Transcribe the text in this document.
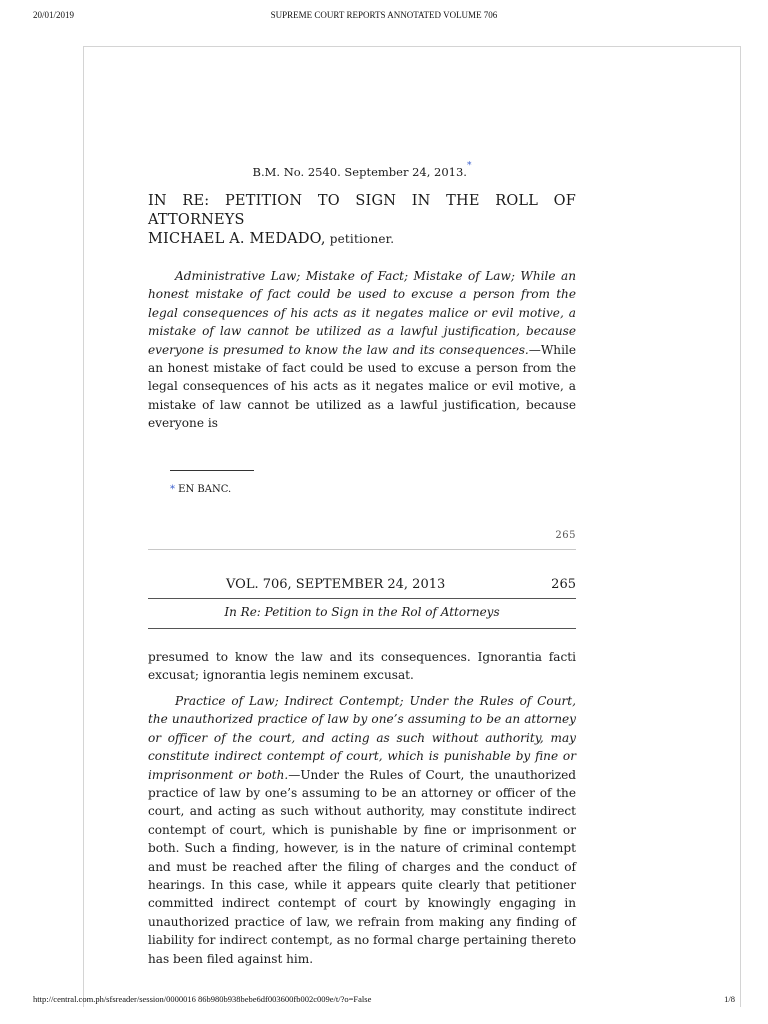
20/01/2019	SUPREME COURT REPORTS ANNOTATED VOLUME 706
B.M. No. 2540. September 24, 2013.*
IN RE: PETITION TO SIGN IN THE ROLL OF
ATTORNEYS
MICHAEL A. MEDADO, petitioner.
Administrative Law; Mistake of Fact; Mistake of Law; While an honest mistake of fact could be used to excuse a person from the legal consequences of his acts as it negates malice or evil motive, a mistake of law cannot be utilized as a lawful justification, because everyone is presumed to know the law and its consequences.—While an honest mistake of fact could be used to excuse a person from the legal consequences of his acts as it negates malice or evil motive, a mistake of law cannot be utilized as a lawful justification, because everyone is
* EN BANC.
265
VOL. 706, SEPTEMBER 24, 2013	265
In Re: Petition to Sign in the Rol of Attorneys
presumed to know the law and its consequences. Ignorantia facti excusat; ignorantia legis neminem excusat.
Practice of Law; Indirect Contempt; Under the Rules of Court, the unauthorized practice of law by one’s assuming to be an attorney or officer of the court, and acting as such without authority, may constitute indirect contempt of court, which is punishable by fine or imprisonment or both.—Under the Rules of Court, the unauthorized practice of law by one’s assuming to be an attorney or officer of the court, and acting as such without authority, may constitute indirect contempt of court, which is punishable by fine or imprisonment or both. Such a finding, however, is in the nature of criminal contempt and must be reached after the filing of charges and the conduct of hearings. In this case, while it appears quite clearly that petitioner committed indirect contempt of court by knowingly engaging in unauthorized practice of law, we refrain from making any finding of liability for indirect contempt, as no formal charge pertaining thereto has been filed against him.
http://central.com.ph/sfsreader/session/0000016 86b980b938bebe6df003600fb002c009e/t/?o=False	1/8
